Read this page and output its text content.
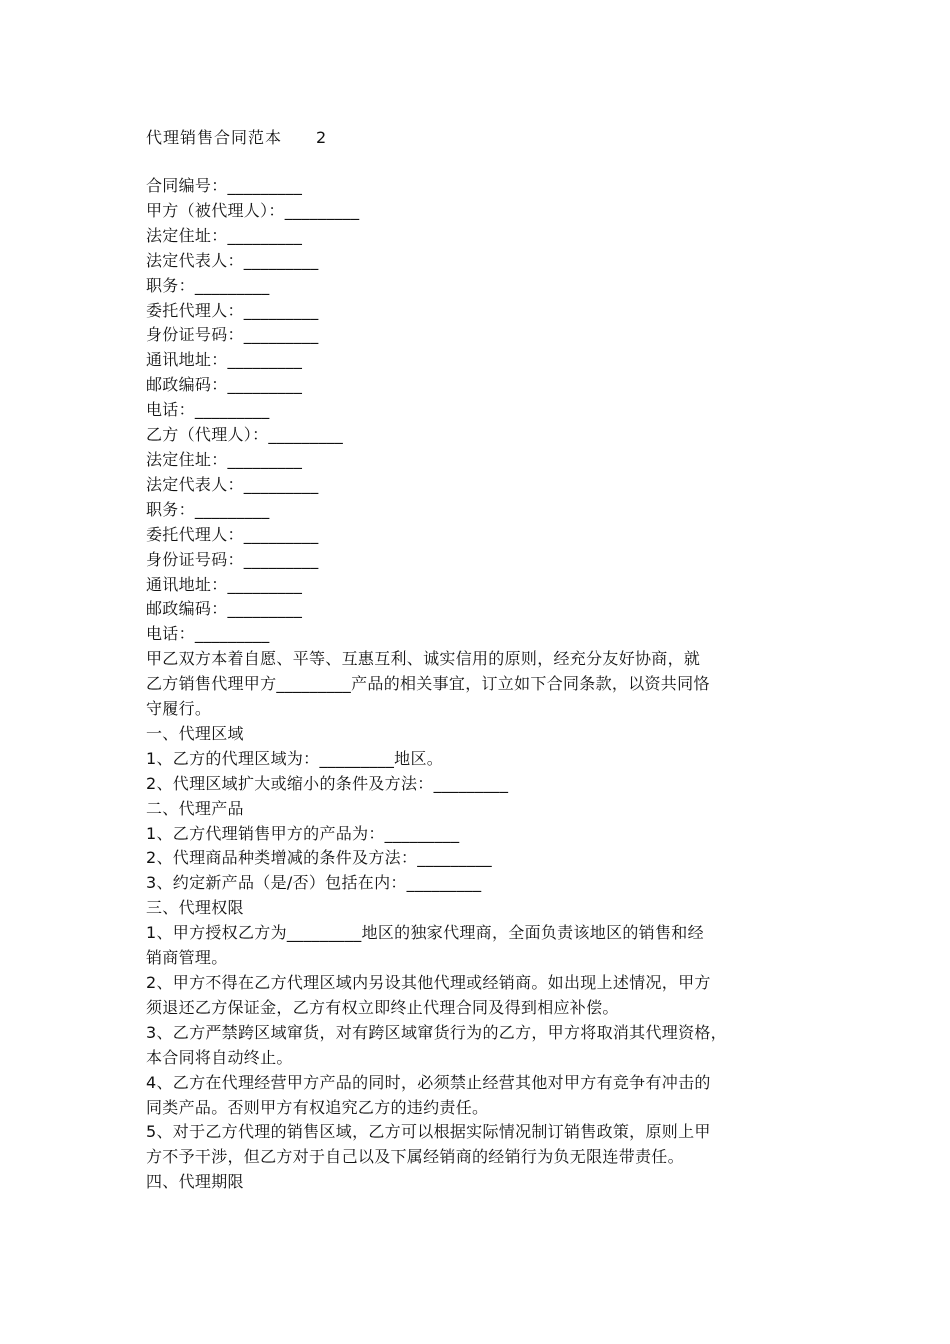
代理销售合同范本　　2

合同编号：_________

甲方（被代理人）：_________

法定住址：_________

法定代表人：_________

职务：_________

委托代理人：_________

身份证号码：_________

通讯地址：_________

邮政编码：_________

电话：_________

乙方（代理人）：_________

法定住址：_________

法定代表人：_________

职务：_________

委托代理人：_________

身份证号码：_________

通讯地址：_________

邮政编码：_________

电话：_________

甲乙双方本着自愿、平等、互惠互利、诚实信用的原则，经充分友好协商，就

乙方销售代理甲方_________产品的相关事宜，订立如下合同条款，以资共同恪

守履行。

一、代理区域

1、乙方的代理区域为：_________地区。

2、代理区域扩大或缩小的条件及方法：_________

二、代理产品

1、乙方代理销售甲方的产品为：_________

2、代理商品种类增减的条件及方法：_________

3、约定新产品（是/否）包括在内：_________

三、代理权限

1、甲方授权乙方为_________地区的独家代理商，全面负责该地区的销售和经

销商管理。

2、甲方不得在乙方代理区域内另设其他代理或经销商。如出现上述情况，甲方

须退还乙方保证金，乙方有权立即终止代理合同及得到相应补偿。

3、乙方严禁跨区域窜货，对有跨区域窜货行为的乙方，甲方将取消其代理资格，

本合同将自动终止。

4、乙方在代理经营甲方产品的同时，必须禁止经营其他对甲方有竞争有冲击的

同类产品。否则甲方有权追究乙方的违约责任。

5、对于乙方代理的销售区域，乙方可以根据实际情况制订销售政策，原则上甲

方不予干涉，但乙方对于自己以及下属经销商的经销行为负无限连带责任。

四、代理期限
